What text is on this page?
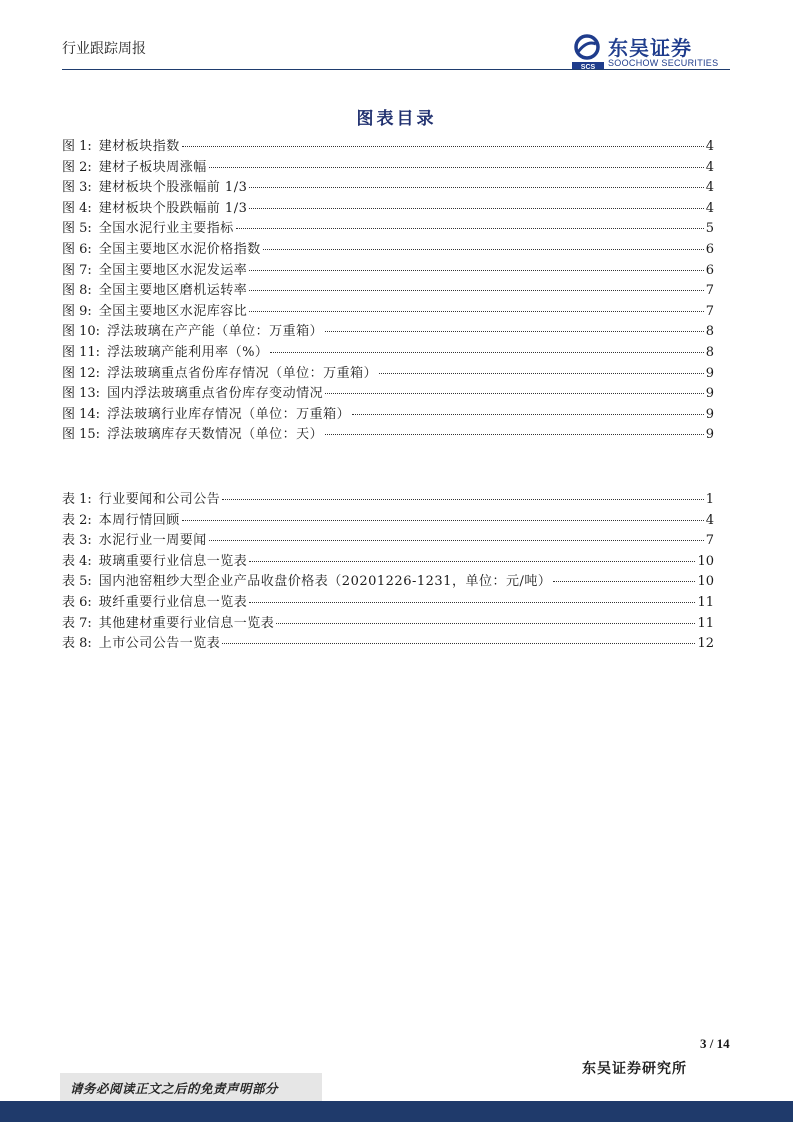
行业跟踪周报
SCS
东吴证券
SOOCHOW SECURITIES
图表目录
图 1: 建材板块指数	4
图 2: 建材子板块周涨幅	4
图 3: 建材板块个股涨幅前 1/3	4
图 4: 建材板块个股跌幅前 1/3	4
图 5: 全国水泥行业主要指标	5
图 6: 全国主要地区水泥价格指数	6
图 7: 全国主要地区水泥发运率	6
图 8: 全国主要地区磨机运转率	7
图 9: 全国主要地区水泥库容比	7
图 10: 浮法玻璃在产产能（单位：万重箱）	8
图 11: 浮法玻璃产能利用率（%）	8
图 12: 浮法玻璃重点省份库存情况（单位：万重箱）	9
图 13: 国内浮法玻璃重点省份库存变动情况	9
图 14: 浮法玻璃行业库存情况（单位：万重箱）	9
图 15: 浮法玻璃库存天数情况（单位：天）	9
表 1: 行业要闻和公司公告	1
表 2: 本周行情回顾	4
表 3: 水泥行业一周要闻	7
表 4: 玻璃重要行业信息一览表	10
表 5: 国内池窑粗纱大型企业产品收盘价格表（20201226-1231，单位：元/吨）	10
表 6: 玻纤重要行业信息一览表	11
表 7: 其他建材重要行业信息一览表	11
表 8: 上市公司公告一览表	12
3 / 14
东吴证券研究所
请务必阅读正文之后的免责声明部分
